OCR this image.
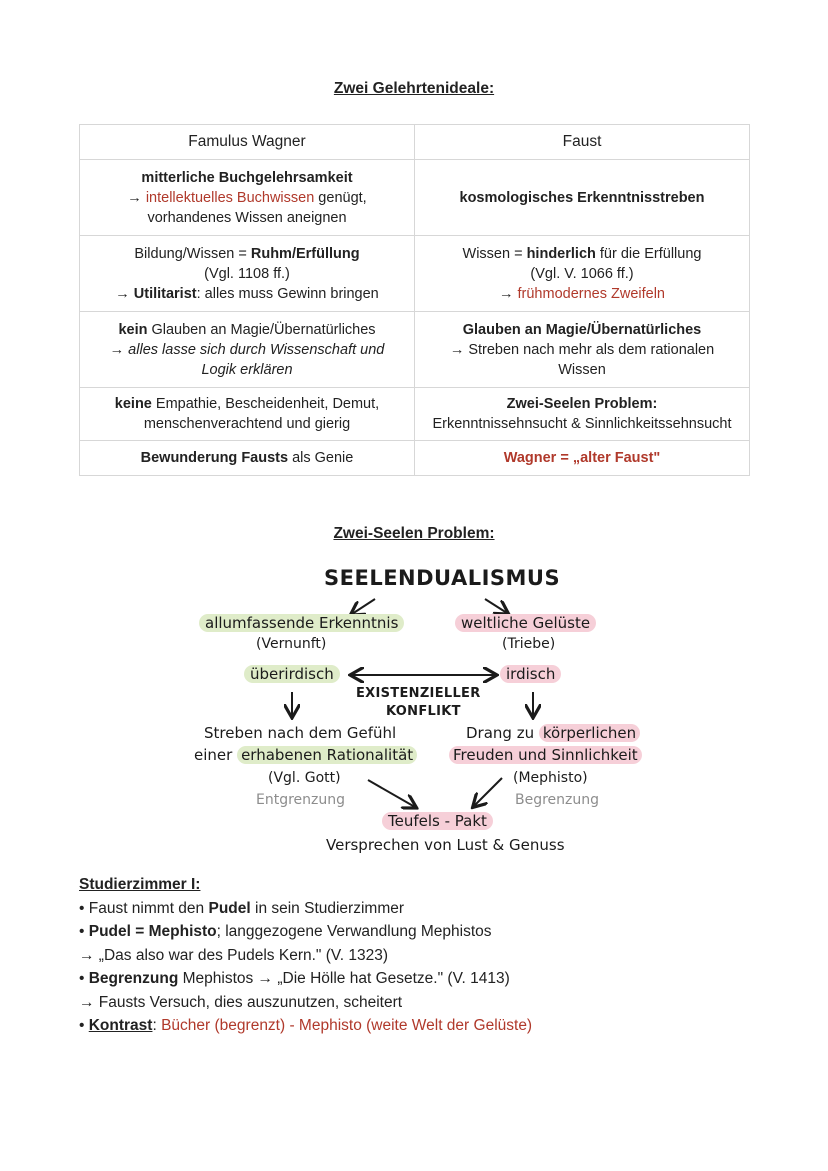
Zwei Gelehrtenideale:
Famulus Wagner	Faust

mitterliche Buchgelehrsamkeit
→ intellektuelles Buchwissen genügt,
vorhandenes Wissen aneignen	kosmologisches Erkenntnisstreben

Bildung/Wissen = Ruhm/Erfüllung
(Vgl. 1108 ff.)
→ Utilitarist: alles muss Gewinn bringen	Wissen = hinderlich für die Erfüllung
(Vgl. V. 1066 ff.)
→ frühmodernes Zweifeln

kein Glauben an Magie/Übernatürliches
→ alles lasse sich durch Wissenschaft und
Logik erklären	Glauben an Magie/Übernatürliches
→ Streben nach mehr als dem rationalen
Wissen

keine Empathie, Bescheidenheit, Demut,
menschenverachtend und gierig	Zwei-Seelen Problem:
Erkenntnissehnsucht & Sinnlichkeitssehnsucht

Bewunderung Fausts als Genie	Wagner = „alter Faust"
Zwei-Seelen Problem:
SEELENDUALISMUS
allumfassende Erkenntnis
(Vernunft)
weltliche Gelüste
(Triebe)
überirdisch	irdisch
EXISTENZIELLER
KONFLIKT
Streben nach dem Gefühl
einer erhabenen Rationalität
(Vgl. Gott)
Entgrenzung
Drang zu körperlichen
Freuden und Sinnlichkeit
(Mephisto)
Begrenzung
Teufels - Pakt
Versprechen von Lust & Genuss
Studierzimmer I:
• Faust nimmt den Pudel in sein Studierzimmer
• Pudel = Mephisto; langgezogene Verwandlung Mephistos
→ „Das also war des Pudels Kern." (V. 1323)
• Begrenzung Mephistos → „Die Hölle hat Gesetze." (V. 1413)
→ Fausts Versuch, dies auszunutzen, scheitert
• Kontrast: Bücher (begrenzt) - Mephisto (weite Welt der Gelüste)
